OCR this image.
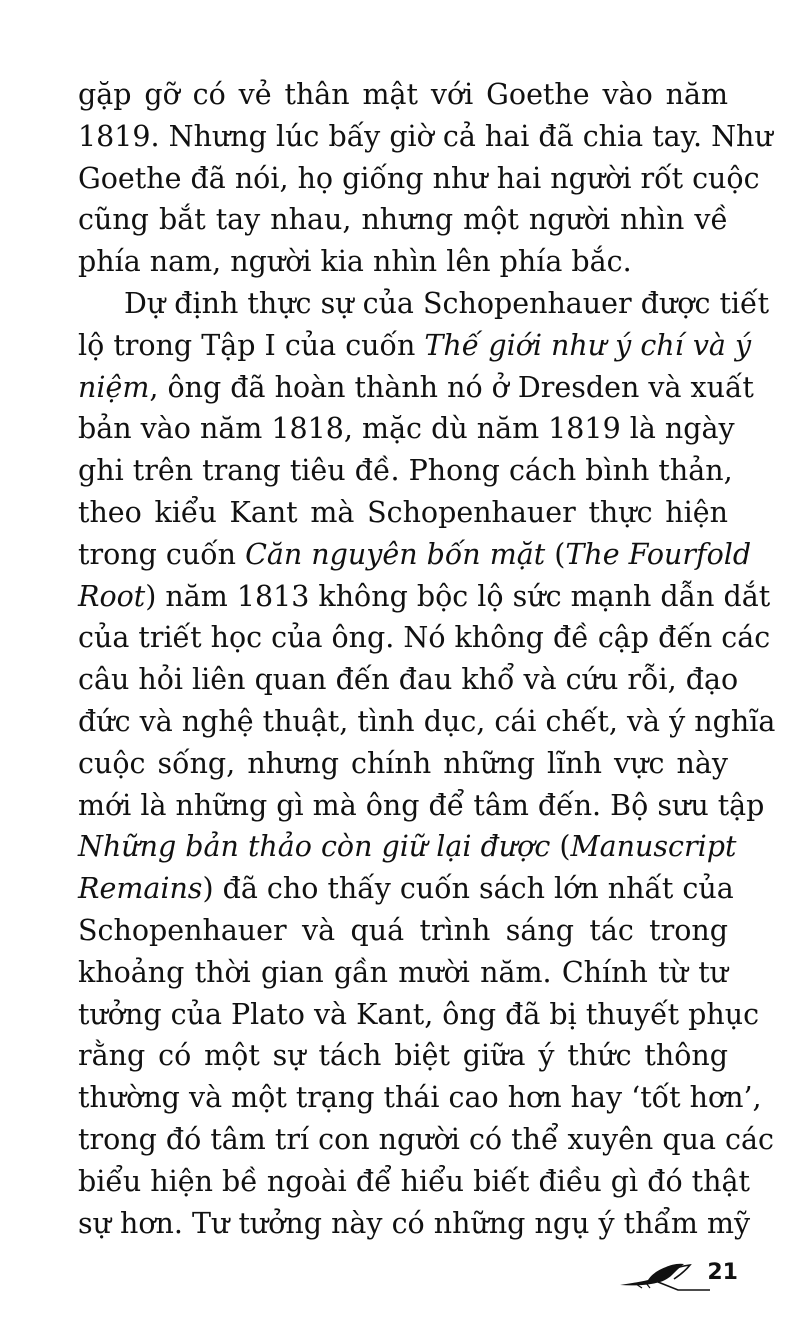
gặp gỡ có vẻ thân mật với Goethe vào năm
1819. Nhưng lúc bấy giờ cả hai đã chia tay. Như
Goethe đã nói, họ giống như hai người rốt cuộc
cũng bắt tay nhau, nhưng một người nhìn về
phía nam, người kia nhìn lên phía bắc.
Dự định thực sự của Schopenhauer được tiết
lộ trong Tập I của cuốn Thế giới như ý chí và ý
niệm, ông đã hoàn thành nó ở Dresden và xuất
bản vào năm 1818, mặc dù năm 1819 là ngày
ghi trên trang tiêu đề. Phong cách bình thản,
theo kiểu Kant mà Schopenhauer thực hiện
trong cuốn Căn nguyên bốn mặt (The Fourfold
Root) năm 1813 không bộc lộ sức mạnh dẫn dắt
của triết học của ông. Nó không đề cập đến các
câu hỏi liên quan đến đau khổ và cứu rỗi, đạo
đức và nghệ thuật, tình dục, cái chết, và ý nghĩa
cuộc sống, nhưng chính những lĩnh vực này
mới là những gì mà ông để tâm đến. Bộ sưu tập
Những bản thảo còn giữ lại được (Manuscript
Remains) đã cho thấy cuốn sách lớn nhất của
Schopenhauer và quá trình sáng tác trong
khoảng thời gian gần mười năm. Chính từ tư
tưởng của Plato và Kant, ông đã bị thuyết phục
rằng có một sự tách biệt giữa ý thức thông
thường và một trạng thái cao hơn hay ‘tốt hơn’,
trong đó tâm trí con người có thể xuyên qua các
biểu hiện bề ngoài để hiểu biết điều gì đó thật
sự hơn. Tư tưởng này có những ngụ ý thẩm mỹ
21
